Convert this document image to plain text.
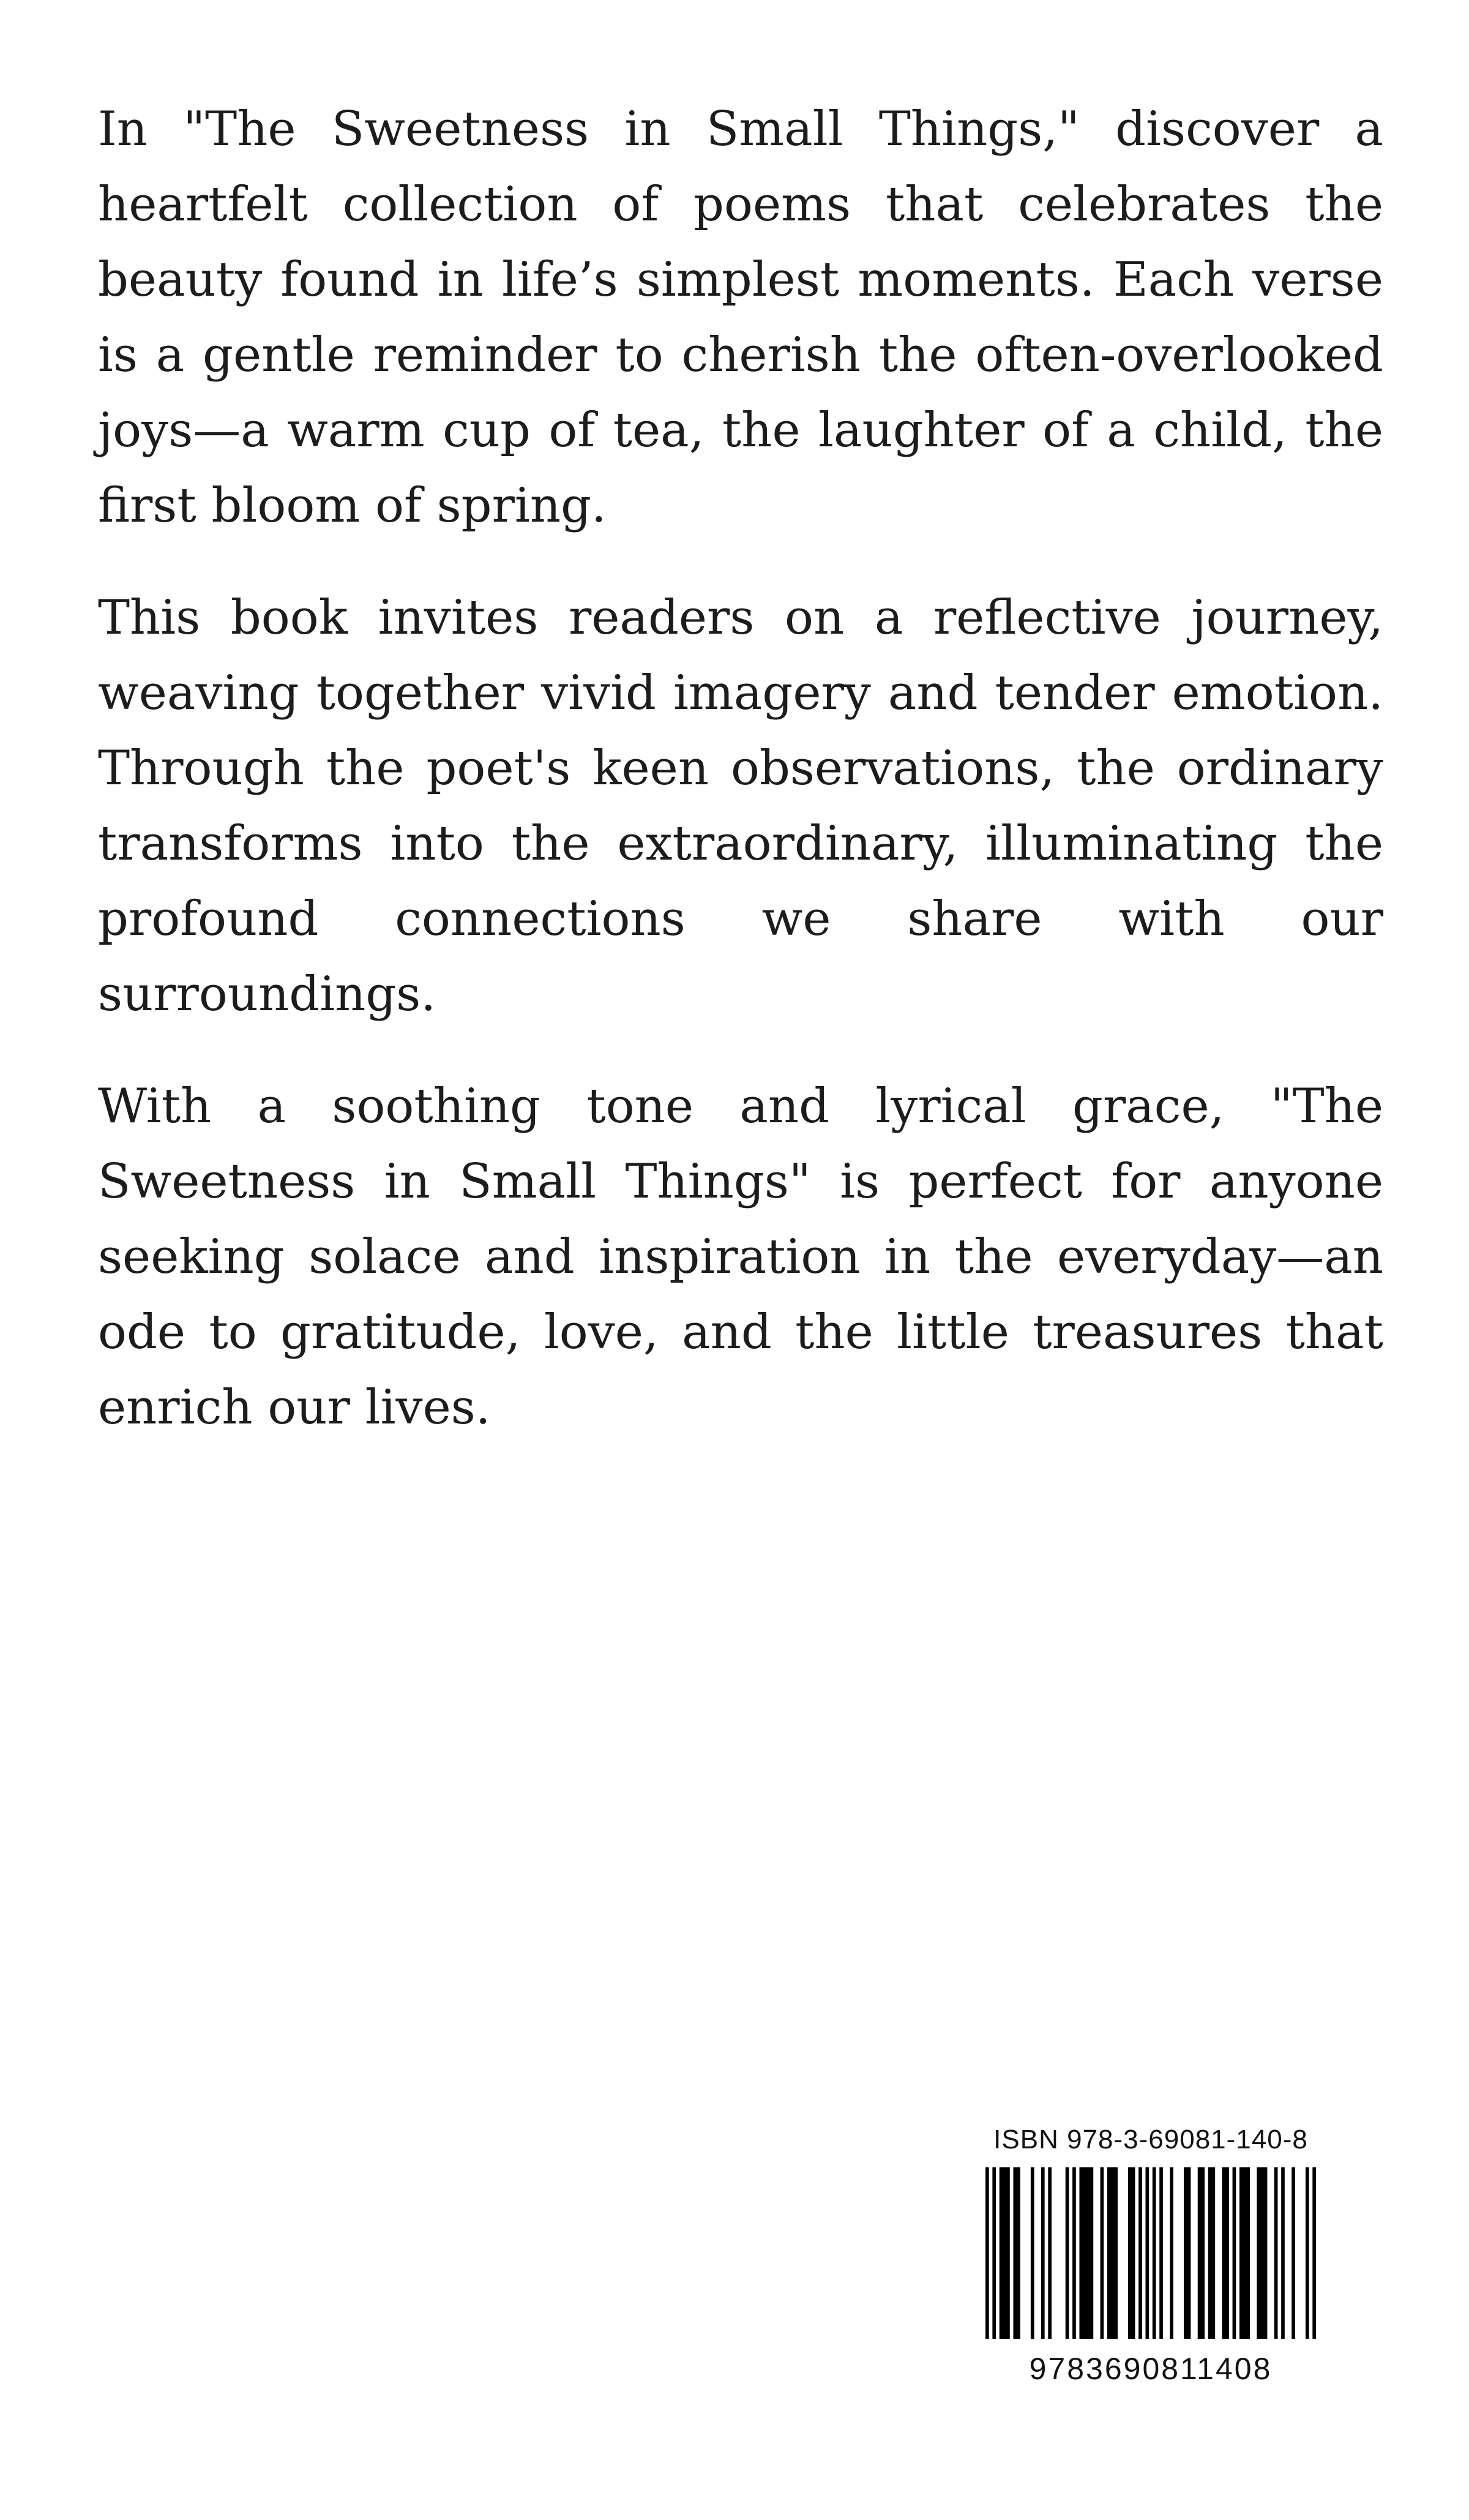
In "The Sweetness in Small Things," discover a heartfelt collection of poems that celebrates the beauty found in life’s simplest moments. Each verse is a gentle reminder to cherish the often-overlooked joys—a warm cup of tea, the laughter of a child, the first bloom of spring.

This book invites readers on a reflective journey, weaving together vivid imagery and tender emotion. Through the poet's keen observations, the ordinary transforms into the extraordinary, illuminating the profound connections we share with our surroundings.

With a soothing tone and lyrical grace, "The Sweetness in Small Things" is perfect for anyone seeking solace and inspiration in the everyday—an ode to gratitude, love, and the little treasures that enrich our lives.

ISBN 978-3-69081-140-8
9783690811408
